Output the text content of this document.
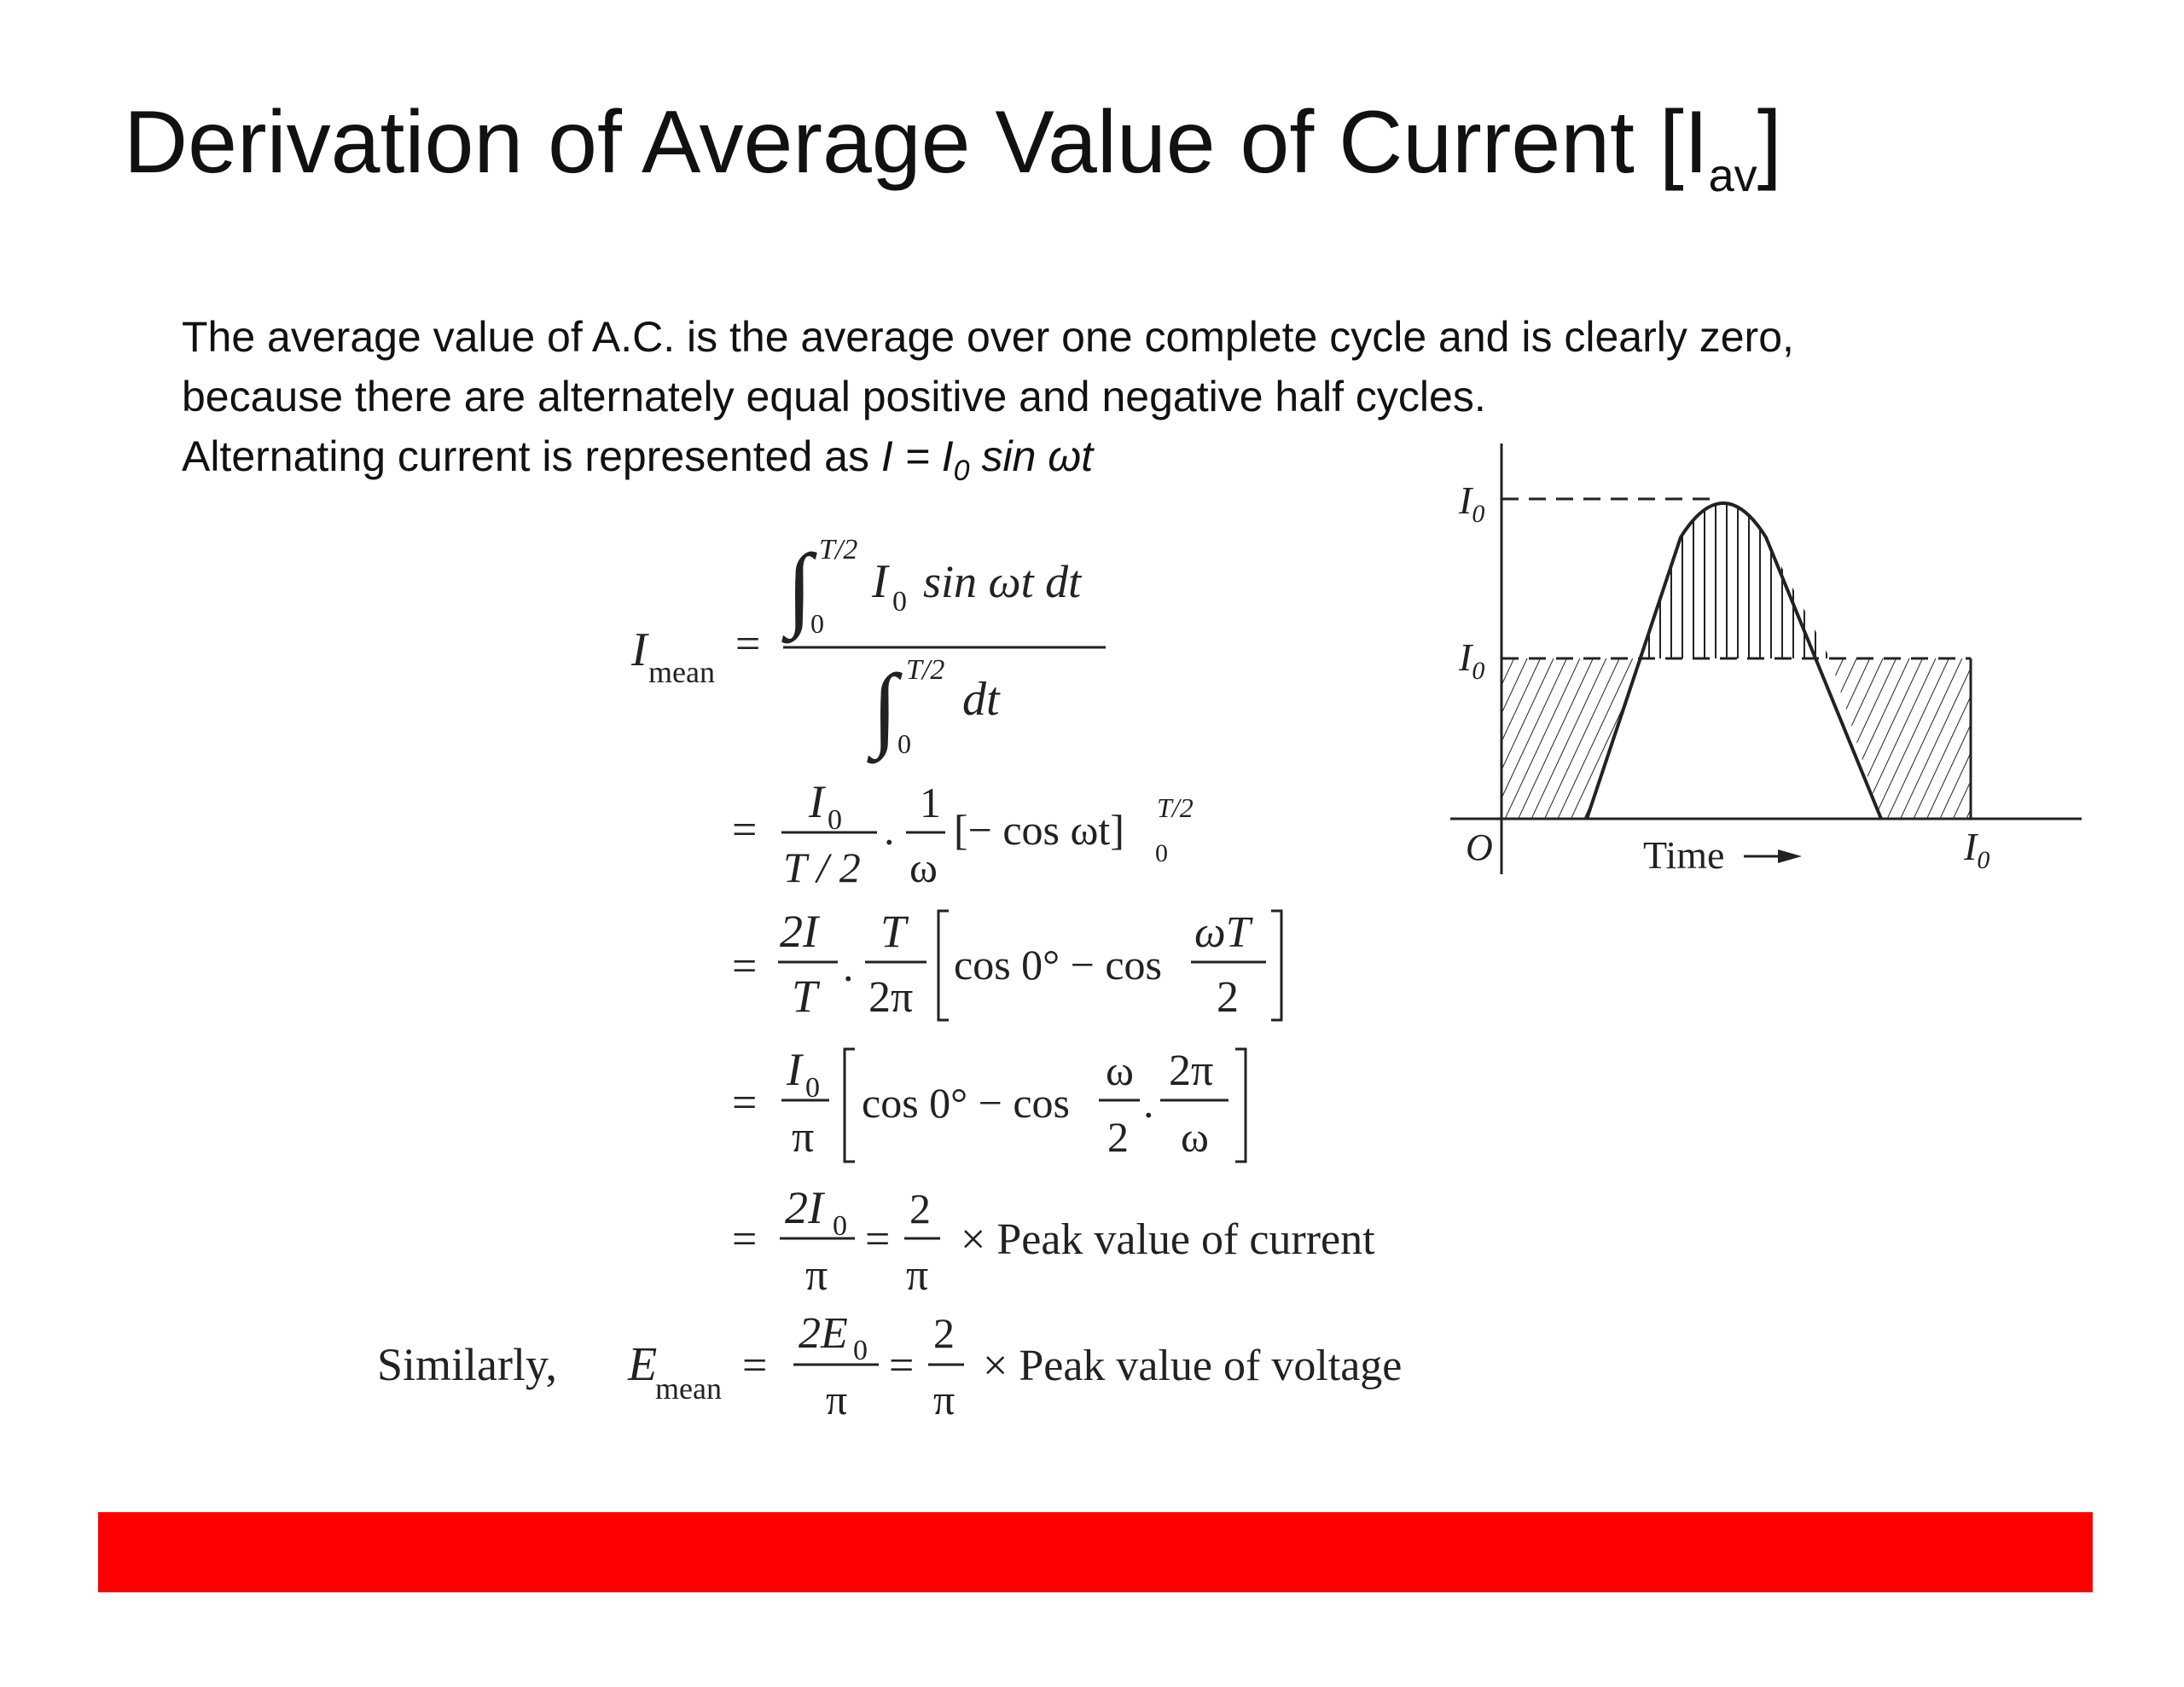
Derivation of Average Value of Current $[I_{av}]$

The average value of A.C. is the average over one complete cycle and is clearly zero,

because there are alternately equal positive and negative half cycles.

Alternating current is represented as $I = I_0$ sin ωt

I mean
=
∫ T/2
0
I 0 sin ωt dt
∫ T/2
0
dt
=
I 0
T / 2
.
1
ω
[− cos ωt] T/2
0
=
2I
T
.
T
2π
cos 0° − cos
ωT
2
=
I 0
π
cos 0° − cos
ω
2
.
2π
ω
=
2I 0
π
=
2
π
× Peak value of current
Similarly, E
mean =
2E 0
π
=
2
π
× Peak value of voltage
$I_0$
$I_0$
O	Time	$I_0$
